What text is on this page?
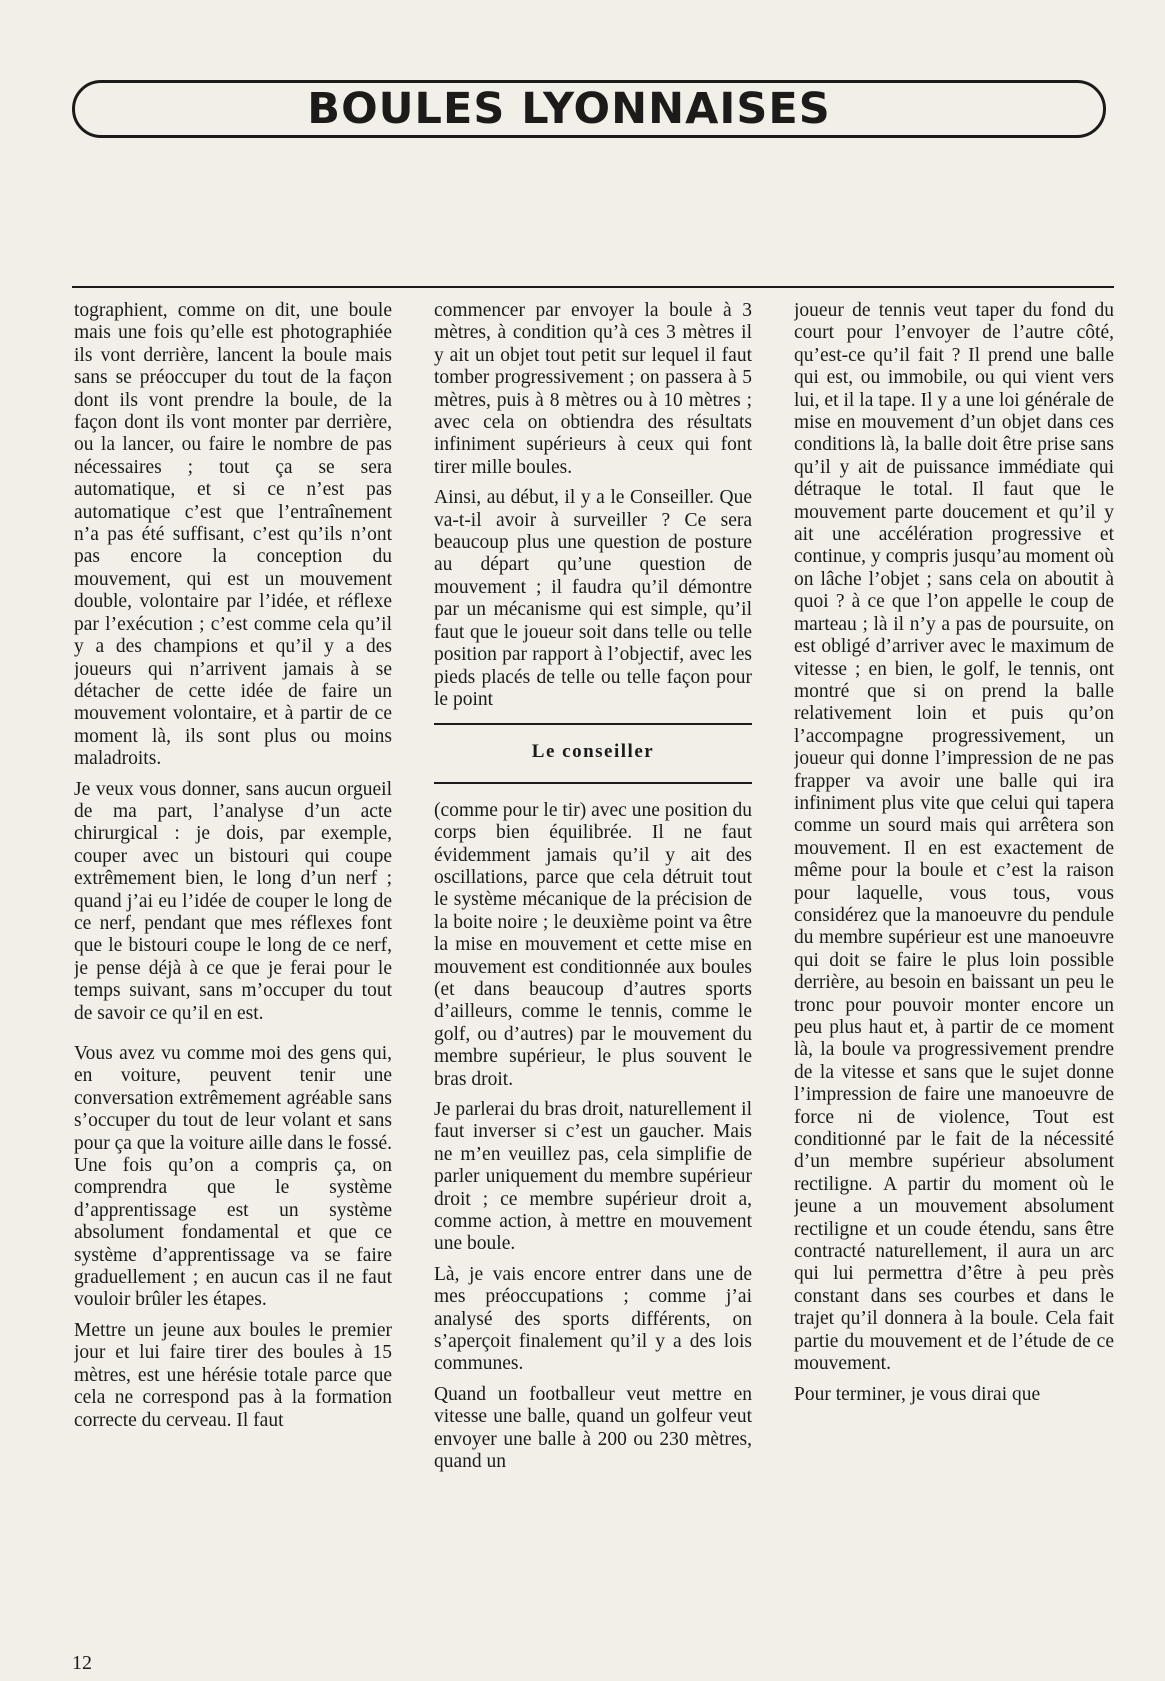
BOULES LYONNAISES

tographient, comme on dit, une boule mais une fois qu’elle est photographiée ils vont derrière, lancent la boule mais sans se préoccuper du tout de la façon dont ils vont prendre la boule, de la façon dont ils vont monter par derrière, ou la lancer, ou faire le nombre de pas nécessaires ; tout ça se sera automatique, et si ce n’est pas automatique c’est que l’entraînement n’a pas été suffisant, c’est qu’ils n’ont pas encore la conception du mouvement, qui est un mouvement double, volontaire par l’idée, et réflexe par l’exécution ; c’est comme cela qu’il y a des champions et qu’il y a des joueurs qui n’arrivent jamais à se détacher de cette idée de faire un mouvement volontaire, et à partir de ce moment là, ils sont plus ou moins maladroits.

Je veux vous donner, sans aucun orgueil de ma part, l’analyse d’un acte chirurgical : je dois, par exemple, couper avec un bistouri qui coupe extrêmement bien, le long d’un nerf ; quand j’ai eu l’idée de couper le long de ce nerf, pendant que mes réflexes font que le bistouri coupe le long de ce nerf, je pense déjà à ce que je ferai pour le temps suivant, sans m’occuper du tout de savoir ce qu’il en est.

Vous avez vu comme moi des gens qui, en voiture, peuvent tenir une conversation extrêmement agréable sans s’occuper du tout de leur volant et sans pour ça que la voiture aille dans le fossé. Une fois qu’on a compris ça, on comprendra que le système d’apprentissage est un système absolument fondamental et que ce système d’apprentissage va se faire graduellement ; en aucun cas il ne faut vouloir brûler les étapes.

Mettre un jeune aux boules le premier jour et lui faire tirer des boules à 15 mètres, est une hérésie totale parce que cela ne correspond pas à la formation correcte du cerveau. Il faut

commencer par envoyer la boule à 3 mètres, à condition qu’à ces 3 mètres il y ait un objet tout petit sur lequel il faut tomber progressivement ; on passera à 5 mètres, puis à 8 mètres ou à 10 mètres ; avec cela on obtiendra des résultats infiniment supérieurs à ceux qui font tirer mille boules.

Ainsi, au début, il y a le Conseiller. Que va-t-il avoir à surveiller ? Ce sera beaucoup plus une question de posture au départ qu’une question de mouvement ; il faudra qu’il démontre par un mécanisme qui est simple, qu’il faut que le joueur soit dans telle ou telle position par rapport à l’objectif, avec les pieds placés de telle ou telle façon pour le point

Le conseiller

(comme pour le tir) avec une position du corps bien équilibrée. Il ne faut évidemment jamais qu’il y ait des oscillations, parce que cela détruit tout le système mécanique de la précision de la boite noire ; le deuxième point va être la mise en mouvement et cette mise en mouvement est conditionnée aux boules (et dans beaucoup d’autres sports d’ailleurs, comme le tennis, comme le golf, ou d’autres) par le mouvement du membre supérieur, le plus souvent le bras droit.

Je parlerai du bras droit, naturellement il faut inverser si c’est un gaucher. Mais ne m’en veuillez pas, cela simplifie de parler uniquement du membre supérieur droit ; ce membre supérieur droit a, comme action, à mettre en mouvement une boule.

Là, je vais encore entrer dans une de mes préoccupations ; comme j’ai analysé des sports différents, on s’aperçoit finalement qu’il y a des lois communes.

Quand un footballeur veut mettre en vitesse une balle, quand un golfeur veut envoyer une balle à 200 ou 230 mètres, quand un

joueur de tennis veut taper du fond du court pour l’envoyer de l’autre côté, qu’est-ce qu’il fait ? Il prend une balle qui est, ou immobile, ou qui vient vers lui, et il la tape. Il y a une loi générale de mise en mouvement d’un objet dans ces conditions là, la balle doit être prise sans qu’il y ait de puissance immédiate qui détraque le total. Il faut que le mouvement parte doucement et qu’il y ait une accélération progressive et continue, y compris jusqu’au moment où on lâche l’objet ; sans cela on aboutit à quoi ? à ce que l’on appelle le coup de marteau ; là il n’y a pas de poursuite, on est obligé d’arriver avec le maximum de vitesse ; en bien, le golf, le tennis, ont montré que si on prend la balle relativement loin et puis qu’on l’accompagne progressivement, un joueur qui donne l’impression de ne pas frapper va avoir une balle qui ira infiniment plus vite que celui qui tapera comme un sourd mais qui arrêtera son mouvement. Il en est exactement de même pour la boule et c’est la raison pour laquelle, vous tous, vous considérez que la manoeuvre du pendule du membre supérieur est une manoeuvre qui doit se faire le plus loin possible derrière, au besoin en baissant un peu le tronc pour pouvoir monter encore un peu plus haut et, à partir de ce moment là, la boule va progressivement prendre de la vitesse et sans que le sujet donne l’impression de faire une manoeuvre de force ni de violence, Tout est conditionné par le fait de la nécessité d’un membre supérieur absolument rectiligne. A partir du moment où le jeune a un mouvement absolument rectiligne et un coude étendu, sans être contracté naturellement, il aura un arc qui lui permettra d’être à peu près constant dans ses courbes et dans le trajet qu’il donnera à la boule. Cela fait partie du mouvement et de l’étude de ce mouvement.

Pour terminer, je vous dirai que

12
